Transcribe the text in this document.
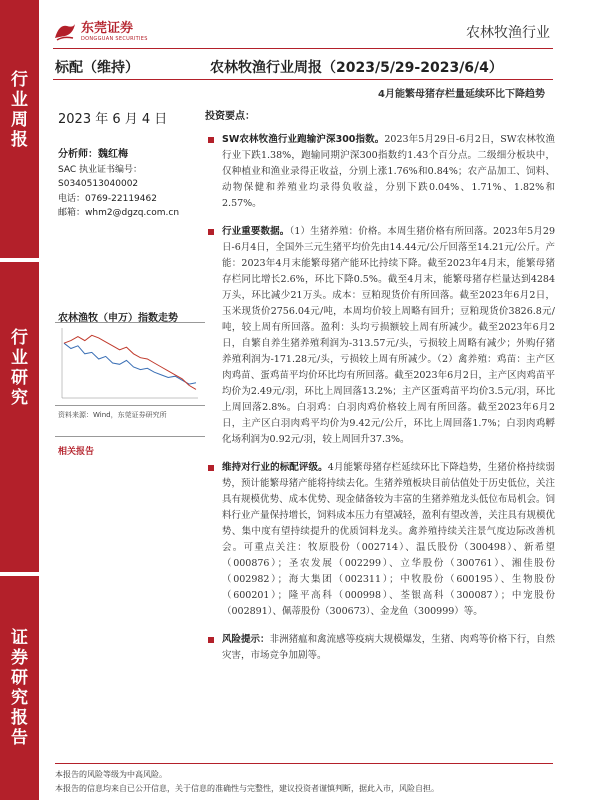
行
业
周
报
行
业
研
究
证
券
研
究
报
告
东莞证券
DONGGUAN SECURITIES	农林牧渔行业
标配（维持）	农林牧渔行业周报（2023/5/29-2023/6/4）
4月能繁母猪存栏量延续环比下降趋势
2023 年 6 月 4 日
分析师：魏红梅
SAC 执业证书编号：
S0340513040002
电话：0769-22119462
邮箱：whm2@dgzq.com.cn
农林渔牧（申万）指数走势
资料来源：Wind，东莞证券研究所
相关报告
投资要点：
SW农林牧渔行业跑输沪深300指数。2023年5月29日-6月2日，SW农林牧渔行业下跌1.38%，跑输同期沪深300指数约1.43个百分点。二级细分板块中，仅种植业和渔业录得正收益，分别上涨1.76%和0.84%；农产品加工、饲料、动物保健和养殖业均录得负收益，分别下跌0.04%、1.71%、1.82%和2.57%。
行业重要数据。（1）生猪养殖：价格。本周生猪价格有所回落。2023年5月29日-6月4日，全国外三元生猪平均价先由14.44元/公斤回落至14.21元/公斤。产能：2023年4月末能繁母猪产能环比持续下降。截至2023年4月末，能繁母猪存栏同比增长2.6%，环比下降0.5%。截至4月末，能繁母猪存栏量达到4284万头，环比减少21万头。成本：豆粕现货价有所回落。截至2023年6月2日，玉米现货价2756.04元/吨，本周均价较上周略有回升；豆粕现货价3826.8元/吨，较上周有所回落。盈利：头均亏损额较上周有所减少。截至2023年6月2日，自繁自养生猪养殖利润为-313.57元/头，亏损较上周略有减少；外购仔猪养殖利润为-171.28元/头，亏损较上周有所减少。（2）禽养殖：鸡苗：主产区肉鸡苗、蛋鸡苗平均价环比均有所回落。截至2023年6月2日，主产区肉鸡苗平均价为2.49元/羽，环比上周回落13.2%；主产区蛋鸡苗平均价3.5元/羽，环比上周回落2.8%。白羽鸡：白羽肉鸡价格较上周有所回落。截至2023年6月2日，主产区白羽肉鸡平均价为9.42元/公斤，环比上周回落1.7%；白羽肉鸡孵化场利润为0.92元/羽，较上周回升37.3%。
维持对行业的标配评级。4月能繁母猪存栏延续环比下降趋势，生猪价格持续弱势，预计能繁母猪产能将持续去化。生猪养殖板块目前估值处于历史低位，关注具有规模优势、成本优势、现金储备较为丰富的生猪养殖龙头低位布局机会。饲料行业产量保持增长，饲料成本压力有望减轻，盈利有望改善，关注具有规模优势、集中度有望持续提升的优质饲料龙头。禽养殖持续关注景气度边际改善机会。可重点关注：牧原股份（002714）、温氏股份（300498）、新希望（000876）；圣农发展（002299）、立华股份（300761）、湘佳股份（002982）；海大集团（002311）；中牧股份（600195）、生物股份（600201）；隆平高科（000998）、荃银高科（300087）；中宠股份（002891）、佩蒂股份（300673）、金龙鱼（300999）等。
风险提示：非洲猪瘟和禽流感等疫病大规模爆发，生猪、肉鸡等价格下行，自然灾害，市场竞争加剧等。
本报告的风险等级为中高风险。
本报告的信息均来自已公开信息，关于信息的准确性与完整性，建议投资者谨慎判断，据此入市，风险自担。
